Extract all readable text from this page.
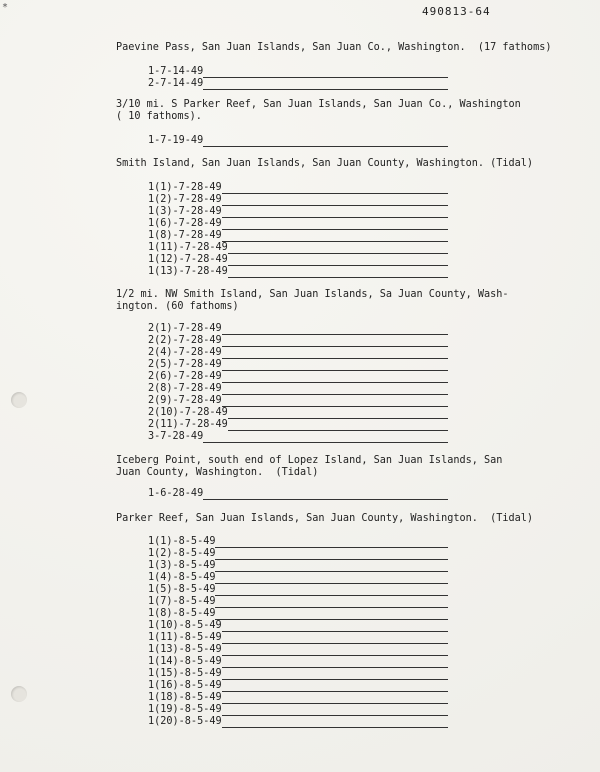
*	490813-64
Paevine Pass, San Juan Islands, San Juan Co., Washington.  (17 fathoms)
1-7-14-49
2-7-14-49
3/10 mi. S Parker Reef, San Juan Islands, San Juan Co., Washington
( 10 fathoms).
1-7-19-49
Smith Island, San Juan Islands, San Juan County, Washington. (Tidal)
1(1)-7-28-49
1(2)-7-28-49
1(3)-7-28-49
1(6)-7-28-49
1(8)-7-28-49
1(11)-7-28-49
1(12)-7-28-49
1(13)-7-28-49
1/2 mi. NW Smith Island, San Juan Islands, Sa Juan County, Wash-
ington. (60 fathoms)
2(1)-7-28-49
2(2)-7-28-49
2(4)-7-28-49
2(5)-7-28-49
2(6)-7-28-49
2(8)-7-28-49
2(9)-7-28-49
2(10)-7-28-49
2(11)-7-28-49
3-7-28-49
Iceberg Point, south end of Lopez Island, San Juan Islands, San
Juan County, Washington.  (Tidal)
1-6-28-49
Parker Reef, San Juan Islands, San Juan County, Washington.  (Tidal)
1(1)-8-5-49
1(2)-8-5-49
1(3)-8-5-49
1(4)-8-5-49
1(5)-8-5-49
1(7)-8-5-49
1(8)-8-5-49
1(10)-8-5-49
1(11)-8-5-49
1(13)-8-5-49
1(14)-8-5-49
1(15)-8-5-49
1(16)-8-5-49
1(18)-8-5-49
1(19)-8-5-49
1(20)-8-5-49
